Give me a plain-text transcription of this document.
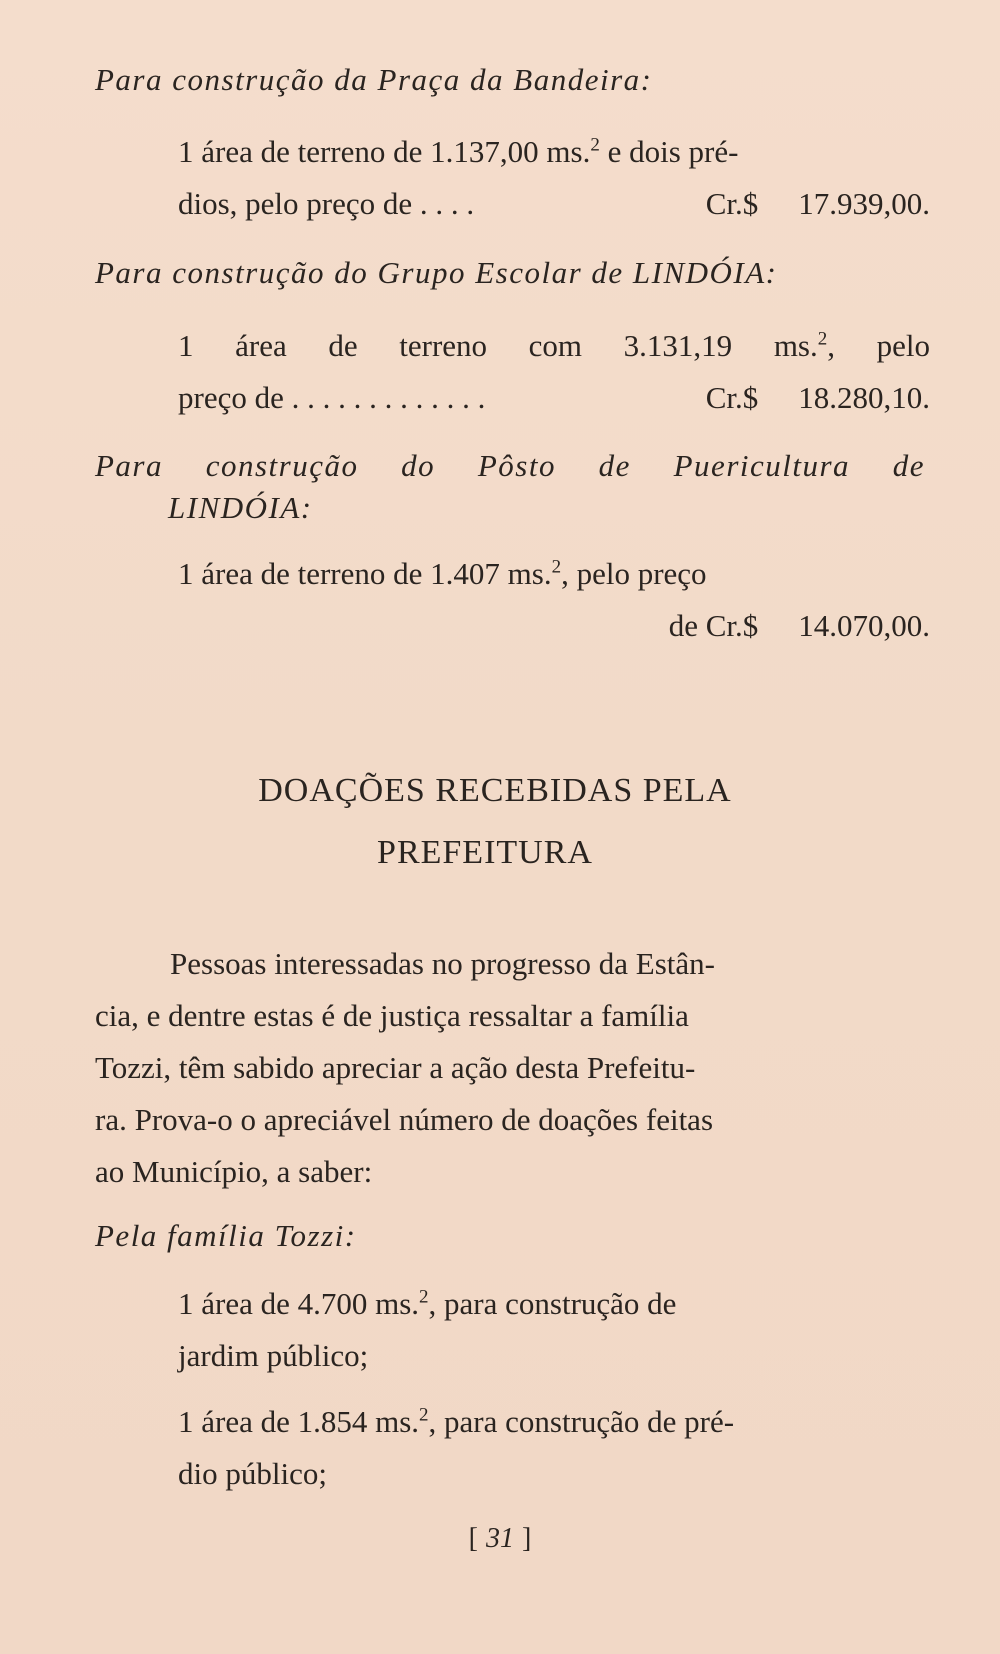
Para construção da Praça da Bandeira:

1 área de terreno de 1.137,00 ms.$^2$ e dois pré-
dios, pelo preço de . . . .	Cr.$ 17.939,00.

Para construção do Grupo Escolar de LINDÓIA:

1 área de terreno com 3.131,19 ms.$^2$, pelo
preço de . . . . . . . . . . . . .	Cr.$ 18.280,10.

Para construção do Pôsto de Puericultura de

LINDÓIA:

1 área de terreno de 1.407 ms.$^2$, pelo preço
de Cr.$ 14.070,00.
DOAÇÕES RECEBIDAS PELA
PREFEITURA
Pessoas interessadas no progresso da Estân-
cia, e dentre estas é de justiça ressaltar a família
Tozzi, têm sabido apreciar a ação desta Prefeitu-
ra. Prova-o o apreciável número de doações feitas
ao Município, a saber:

Pela família Tozzi:

1 área de 4.700 ms.$^2$, para construção de
jardim público;
1 área de 1.854 ms.$^2$, para construção de pré-
dio público;
[ 31 ]
